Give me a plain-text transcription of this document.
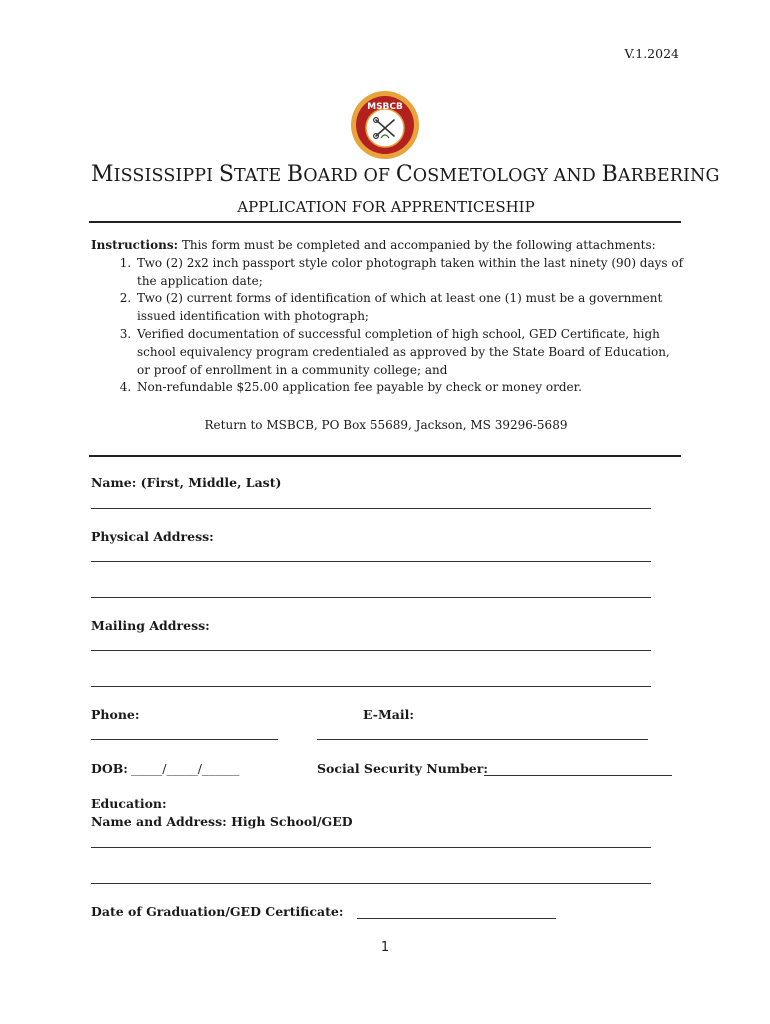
V.1.2024
MSBCB
MISSISSIPPI STATE BOARD OF COSMETOLOGY AND BARBERING
APPLICATION FOR APPRENTICESHIP
Instructions: This form must be completed and accompanied by the following attachments:
1. Two (2) 2x2 inch passport style color photograph taken within the last ninety (90) days of the application date;
2. Two (2) current forms of identification of which at least one (1) must be a government issued identification with photograph;
3. Verified documentation of successful completion of high school, GED Certificate, high school equivalency program credentialed as approved by the State Board of Education, or proof of enrollment in a community college; and
4. Non-refundable $25.00 application fee payable by check or money order.
Return to MSBCB, PO Box 55689, Jackson, MS 39296-5689
Name: (First, Middle, Last)
Physical Address:
Mailing Address:
Phone:	E-Mail:
DOB: _____/_____/______	Social Security Number:
Education:
Name and Address: High School/GED
Date of Graduation/GED Certificate:
1
